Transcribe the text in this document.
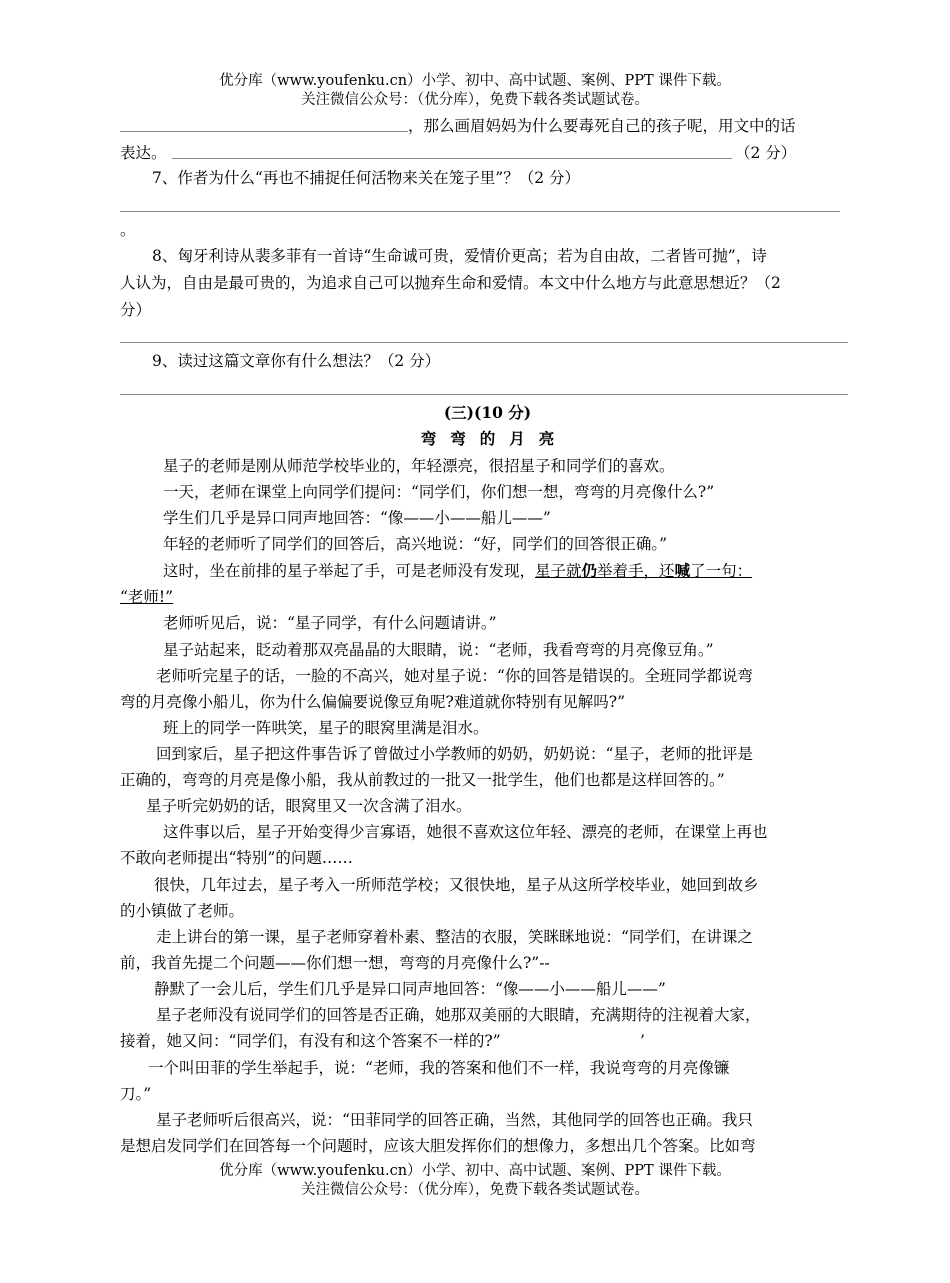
优分库（www.youfenku.cn）小学、初中、高中试题、案例、PPT 课件下载。
关注微信公众号：（优分库），免费下载各类试题试卷。
，那么画眉妈妈为什么要毒死自己的孩子呢，用文中的话
表达。	（2 分）
7、作者为什么“再也不捕捉任何活物来关在笼子里”？（2 分）
。
8、匈牙利诗从裴多菲有一首诗“生命诚可贵，爱情价更高；若为自由故，二者皆可抛”，诗
人认为，自由是最可贵的，为追求自己可以抛弃生命和爱情。本文中什么地方与此意思想近？（2
分）
9、读过这篇文章你有什么想法？（2 分）
(三)(10 分)
弯弯的月亮
星子的老师是刚从师范学校毕业的，年轻漂亮，很招星子和同学们的喜欢。
一天，老师在课堂上向同学们提问：“同学们，你们想一想，弯弯的月亮像什么?”
学生们几乎是异口同声地回答：“像——小——船儿——”
年轻的老师听了同学们的回答后，高兴地说：“好，同学们的回答很正确。”
这时，坐在前排的星子举起了手，可是老师没有发现，星子就仍举着手，还喊了一句：
“老师!”
老师听见后，说：“星子同学，有什么问题请讲。”
星子站起来，眨动着那双亮晶晶的大眼睛，说：“老师，我看弯弯的月亮像豆角。”
老师听完星子的话，一脸的不高兴，她对星子说：“你的回答是错误的。全班同学都说弯
弯的月亮像小船儿，你为什么偏偏要说像豆角呢?难道就你特别有见解吗?”
班上的同学一阵哄笑，星子的眼窝里满是泪水。
回到家后，星子把这件事告诉了曾做过小学教师的奶奶，奶奶说：“星子，老师的批评是
正确的，弯弯的月亮是像小船，我从前教过的一批又一批学生，他们也都是这样回答的。”
星子听完奶奶的话，眼窝里又一次含满了泪水。
这件事以后，星子开始变得少言寡语，她很不喜欢这位年轻、漂亮的老师，在课堂上再也
不敢向老师提出“特别”的问题……
很快，几年过去，星子考入一所师范学校；又很快地，星子从这所学校毕业，她回到故乡
的小镇做了老师。
走上讲台的第一课，星子老师穿着朴素、整洁的衣服，笑眯眯地说：“同学们，在讲课之
前，我首先提二个问题——你们想一想，弯弯的月亮像什么?”--
静默了一会儿后，学生们几乎是异口同声地回答：“像——小——船儿——”
星子老师没有说同学们的回答是否正确，她那双美丽的大眼睛，充满期待的注视着大家，
接着，她又问：“同学们，有没有和这个答案不一样的?”	’
一个叫田菲的学生举起手，说：“老师，我的答案和他们不一样，我说弯弯的月亮像镰
刀。”
星子老师听后很高兴，说：“田菲同学的回答正确，当然，其他同学的回答也正确。我只
是想启发同学们在回答每一个问题时，应该大胆发挥你们的想像力，多想出几个答案。比如弯
优分库（www.youfenku.cn）小学、初中、高中试题、案例、PPT 课件下载。
关注微信公众号：（优分库），免费下载各类试题试卷。
